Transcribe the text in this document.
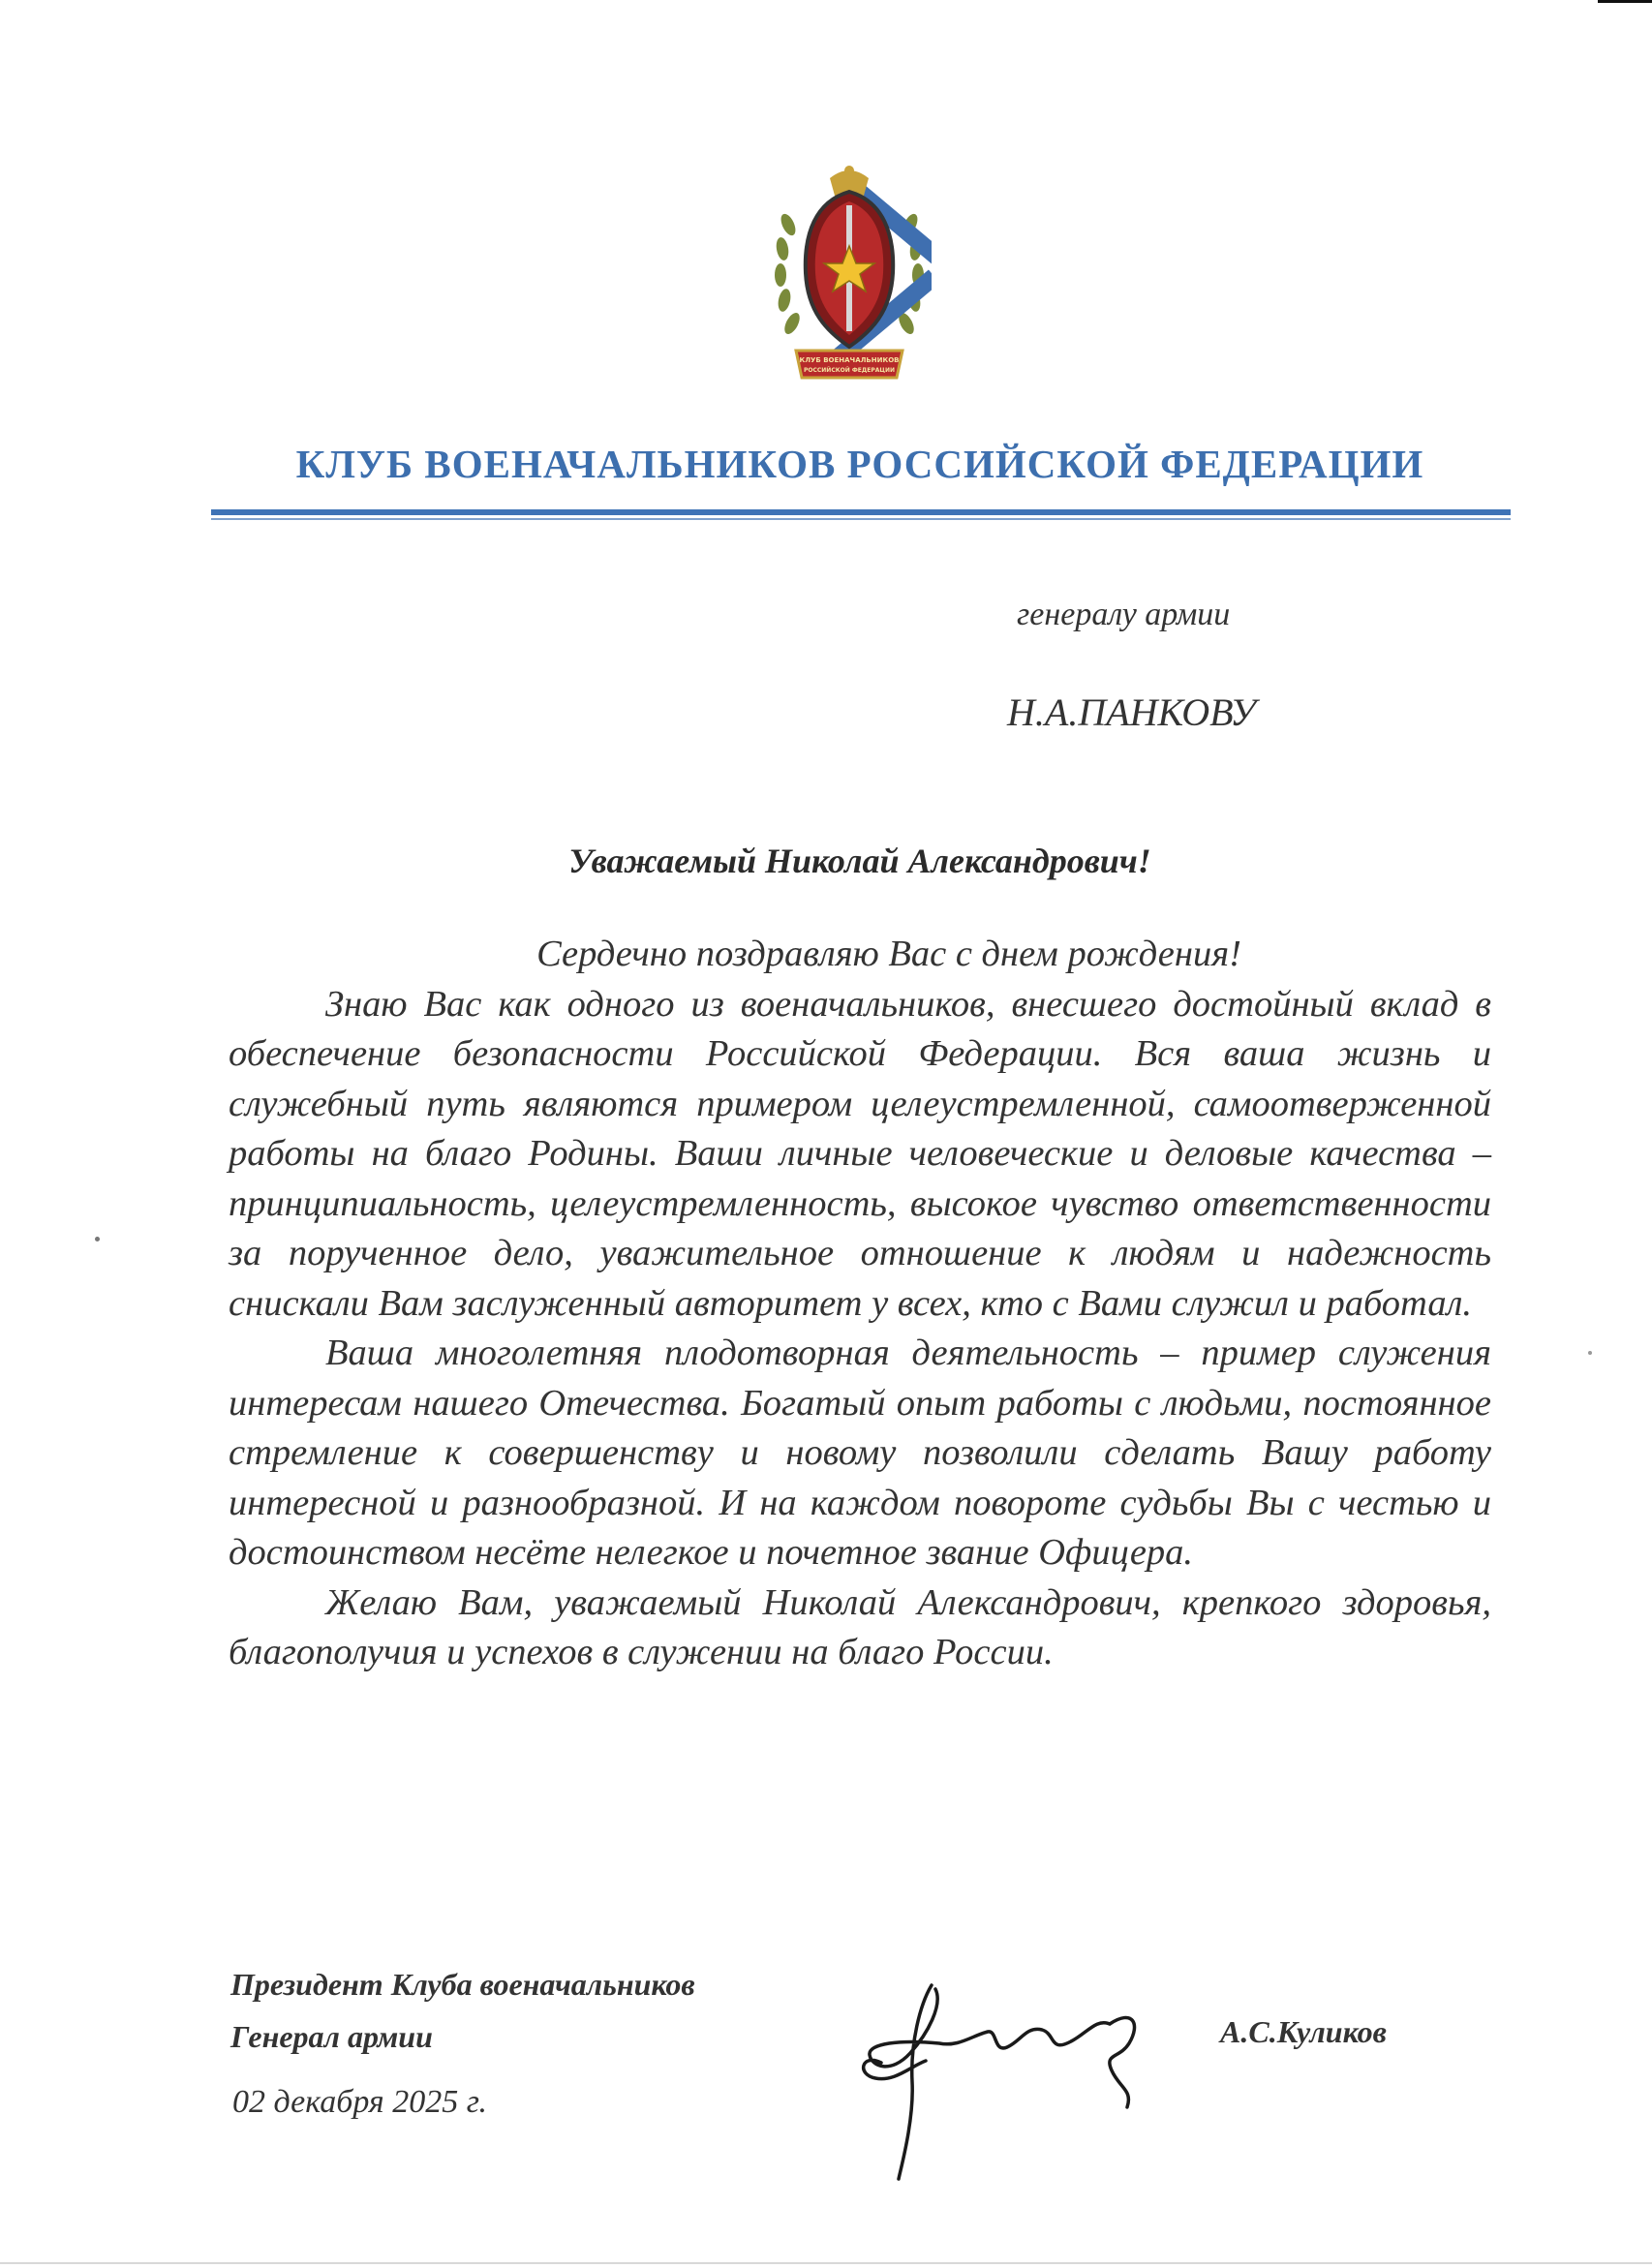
КЛУБ ВОЕНАЧАЛЬНИКОВ
РОССИЙСКОЙ ФЕДЕРАЦИИ
КЛУБ ВОЕНАЧАЛЬНИКОВ РОССИЙСКОЙ ФЕДЕРАЦИИ
генералу армии
Н.А.ПАНКОВУ
Уважаемый Николай Александрович!

Сердечно поздравляю Вас с днем рождения!

Знаю Вас как одного из военачальников, внесшего достойный вклад в обеспечение безопасности Российской Федерации. Вся ваша жизнь и служебный путь являются примером целеустремленной, самоотверженной работы на благо Родины. Ваши личные человеческие и деловые качества – принципиальность, целеустремленность, высокое чувство ответственности за порученное дело, уважительное отношение к людям и надежность снискали Вам заслуженный авторитет у всех, кто с Вами служил и работал.

Ваша многолетняя плодотворная деятельность – пример служения интересам нашего Отечества. Богатый опыт работы с людьми, постоянное стремление к совершенству и новому позволили сделать Вашу работу интересной и разнообразной. И на каждом повороте судьбы Вы с честью и достоинством несёте нелегкое и почетное звание Офицера.

Желаю Вам, уважаемый Николай Александрович, крепкого здоровья, благополучия и успехов в служении на благо России.

Президент Клуба военачальников
Генерал армии
02 декабря 2025 г.
А.С.Куликов
